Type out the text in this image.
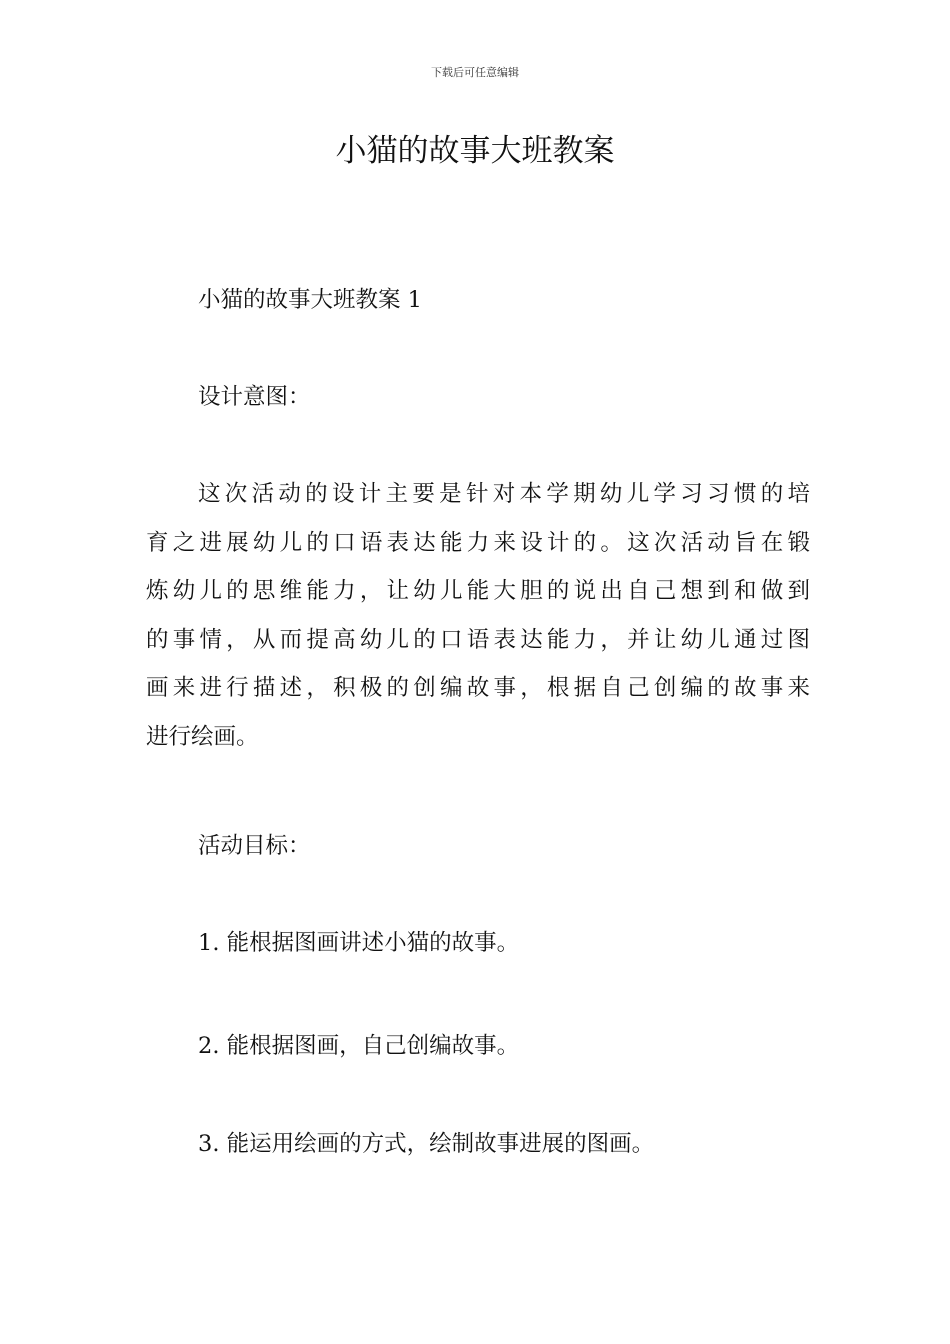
下载后可任意编辑
小猫的故事大班教案

小猫的故事大班教案 1

设计意图：

这次活动的设计主要是针对本学期幼儿学习习惯的培
育之进展幼儿的口语表达能力来设计的。这次活动旨在锻
炼幼儿的思维能力，让幼儿能大胆的说出自己想到和做到
的事情，从而提高幼儿的口语表达能力，并让幼儿通过图
画来进行描述，积极的创编故事，根据自己创编的故事来
进行绘画。

活动目标：

1. 能根据图画讲述小猫的故事。

2. 能根据图画，自己创编故事。

3. 能运用绘画的方式，绘制故事进展的图画。
